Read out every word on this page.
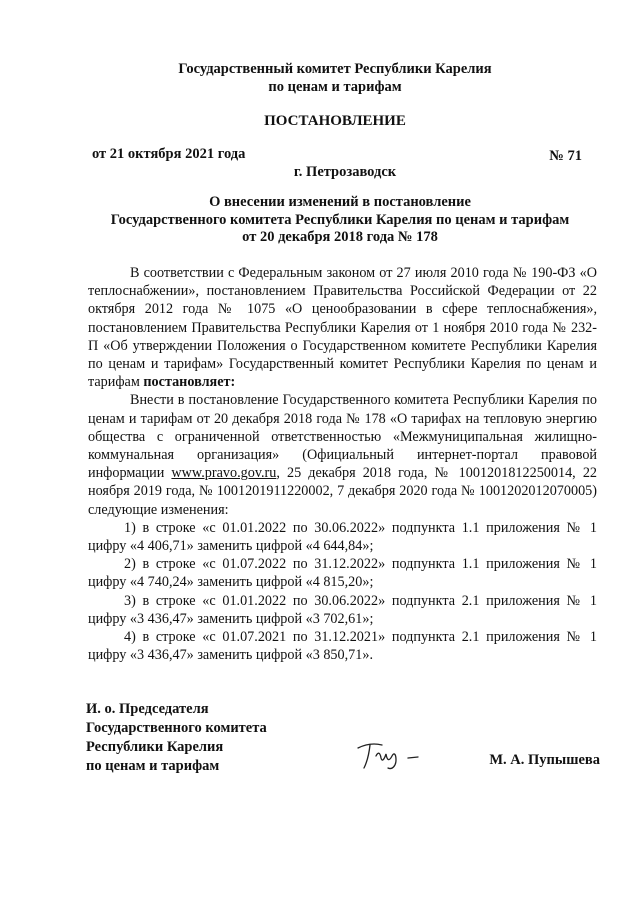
Государственный комитет Республики Карелия
по ценам и тарифам
ПОСТАНОВЛЕНИЕ
от 21 октября 2021 года	№ 71
г. Петрозаводск
О внесении изменений в постановление
Государственного комитета Республики Карелия по ценам и тарифам
от 20 декабря 2018 года № 178

В соответствии с Федеральным законом от 27 июля 2010 года № 190-ФЗ «О теплоснабжении», постановлением Правительства Российской Федерации от 22 октября 2012 года № 1075 «О ценообразовании в сфере теплоснабжения», постановлением Правительства Республики Карелия от 1 ноября 2010 года № 232-П «Об утверждении Положения о Государственном комитете Республики Карелия по ценам и тарифам» Государственный комитет Республики Карелия по ценам и тарифам постановляет:

Внести в постановление Государственного комитета Республики Карелия по ценам и тарифам от 20 декабря 2018 года № 178 «О тарифах на тепловую энергию общества с ограниченной ответственностью «Межмуниципальная жилищно-коммунальная организация» (Официальный интернет-портал правовой информации www.pravo.gov.ru, 25 декабря 2018 года, № 1001201812250014, 22 ноября 2019 года, № 1001201911220002, 7 декабря 2020 года № 1001202012070005) следующие изменения:

1) в строке «с 01.01.2022 по 30.06.2022» подпункта 1.1 приложения № 1 цифру «4 406,71» заменить цифрой «4 644,84»;

2) в строке «с 01.07.2022 по 31.12.2022» подпункта 1.1 приложения № 1 цифру «4 740,24» заменить цифрой «4 815,20»;

3) в строке «с 01.01.2022 по 30.06.2022» подпункта 2.1 приложения № 1 цифру «3 436,47» заменить цифрой «3 702,61»;

4) в строке «с 01.07.2021 по 31.12.2021» подпункта 2.1 приложения № 1 цифру «3 436,47» заменить цифрой «3 850,71».

И. о. Председателя
Государственного комитета
Республики Карелия
по ценам и тарифам	М. А. Пупышева
